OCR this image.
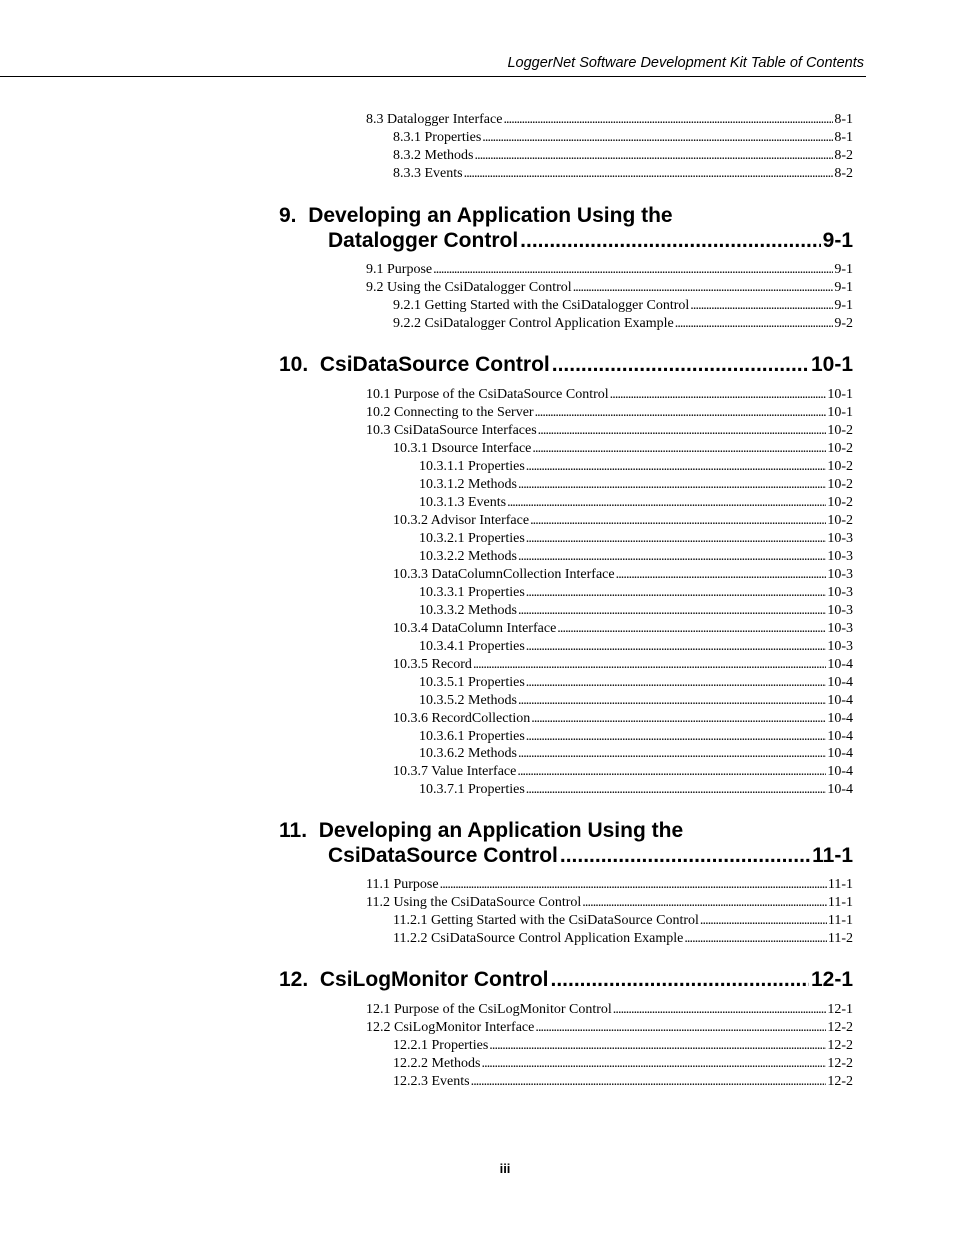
LoggerNet Software Development Kit Table of Contents
8.3 Datalogger Interface . . .	8-1
8.3.1 Properties . . .	8-1
8.3.2 Methods . . .	8-2
8.3.3 Events . . .	8-2
9.
Developing an Application Using the
Datalogger Control .....	9-1
9.1 Purpose . . .	9-1
9.2 Using the CsiDatalogger Control . . .	9-1
9.2.1 Getting Started with the CsiDatalogger Control . . .	9-1
9.2.2 CsiDatalogger Control Application Example . . .	9-2
10.
CsiDataSource Control .....	10-1
10.1 Purpose of the CsiDataSource Control . . .	10-1
10.2 Connecting to the Server . . .	10-1
10.3 CsiDataSource Interfaces . . .	10-2
10.3.1 Dsource Interface . . .	10-2
10.3.1.1 Properties . . .	10-2
10.3.1.2 Methods . . .	10-2
10.3.1.3 Events . . .	10-2
10.3.2 Advisor Interface . . .	10-2
10.3.2.1 Properties . . .	10-3
10.3.2.2 Methods . . .	10-3
10.3.3 DataColumnCollection Interface . . .	10-3
10.3.3.1 Properties . . .	10-3
10.3.3.2 Methods . . .	10-3
10.3.4 DataColumn Interface . . .	10-3
10.3.4.1 Properties . . .	10-3
10.3.5 Record . . .	10-4
10.3.5.1 Properties . . .	10-4
10.3.5.2 Methods . . .	10-4
10.3.6 RecordCollection . . .	10-4
10.3.6.1 Properties . . .	10-4
10.3.6.2 Methods . . .	10-4
10.3.7 Value Interface . . .	10-4
10.3.7.1 Properties . . .	10-4
11.
Developing an Application Using the
CsiDataSource Control .....	11-1
11.1 Purpose . . .	11-1
11.2 Using the CsiDataSource Control . . .	11-1
11.2.1 Getting Started with the CsiDataSource Control . . .	11-1
11.2.2 CsiDataSource Control Application Example . . .	11-2
12.
CsiLogMonitor Control .....	12-1
12.1 Purpose of the CsiLogMonitor Control . . .	12-1
12.2 CsiLogMonitor Interface . . .	12-2
12.2.1 Properties . . .	12-2
12.2.2 Methods . . .	12-2
12.2.3 Events . . .	12-2
iii
